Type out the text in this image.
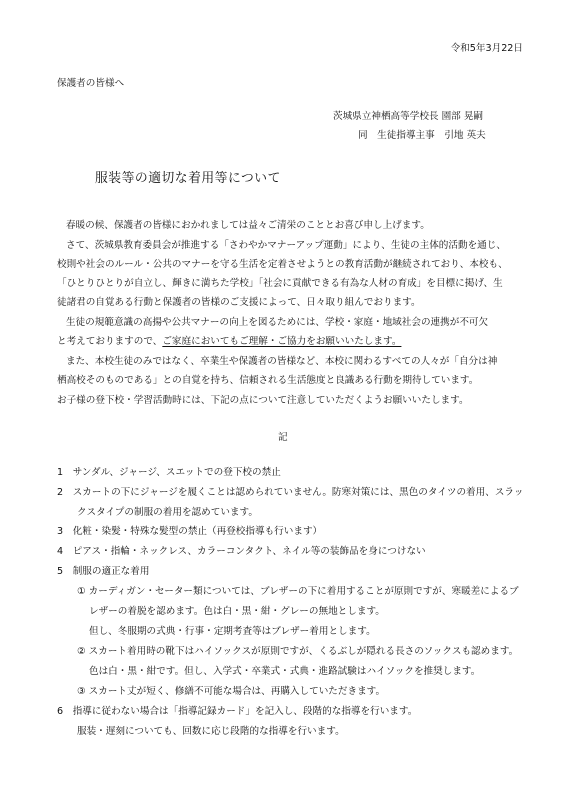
令和5年3月22日

保護者の皆様へ

茨城県立神栖高等学校長 園部 晃嗣

同　生徒指導主事　引地 英夫

服装等の適切な着用等について

春暖の候、保護者の皆様におかれましては益々ご清栄のこととお喜び申し上げます。

さて、茨城県教育委員会が推進する「さわやかマナーアップ運動」により、生徒の主体的活動を通じ、

校則や社会のルール・公共のマナーを守る生活を定着させようとの教育活動が継続されており、本校も、

「ひとりひとりが自立し、輝きに満ちた学校」「社会に貢献できる有為な人材の育成」を目標に掲げ、生

徒諸君の自覚ある行動と保護者の皆様のご支援によって、日々取り組んでおります。

生徒の規範意識の高揚や公共マナーの向上を図るためには、学校・家庭・地域社会の連携が不可欠

と考えておりますので、ご家庭においてもご理解・ご協力をお願いいたします。

また、本校生徒のみではなく、卒業生や保護者の皆様など、本校に関わるすべての人々が「自分は神

栖高校そのものである」との自覚を持ち、信頼される生活態度と良識ある行動を期待しています。

お子様の登下校・学習活動時には、下記の点について注意していただくようお願いいたします。

記

1　サンダル、ジャージ、スエットでの登下校の禁止

2　スカートの下にジャージを履くことは認められていません。防寒対策には、黒色のタイツの着用、スラッ

クスタイプの制服の着用を認めています。

3　化粧・染髪・特殊な髪型の禁止（再登校指導も行います）

4　ピアス・指輪・ネックレス、カラーコンタクト、ネイル等の装飾品を身につけない

5　制服の適正な着用

① カーディガン・セーター類については、ブレザーの下に着用することが原則ですが、寒暖差によるブ

レザーの着脱を認めます。色は白・黒・紺・グレーの無地とします。

但し、冬服期の式典・行事・定期考査等はブレザー着用とします。

② スカート着用時の靴下はハイソックスが原則ですが、くるぶしが隠れる長さのソックスも認めます。

色は白・黒・紺です。但し、入学式・卒業式・式典・進路試験はハイソックを推奨します。

③ スカート丈が短く、修繕不可能な場合は、再購入していただきます。

6　指導に従わない場合は「指導記録カード」を記入し、段階的な指導を行います。

服装・遅刻についても、回数に応じ段階的な指導を行います。
